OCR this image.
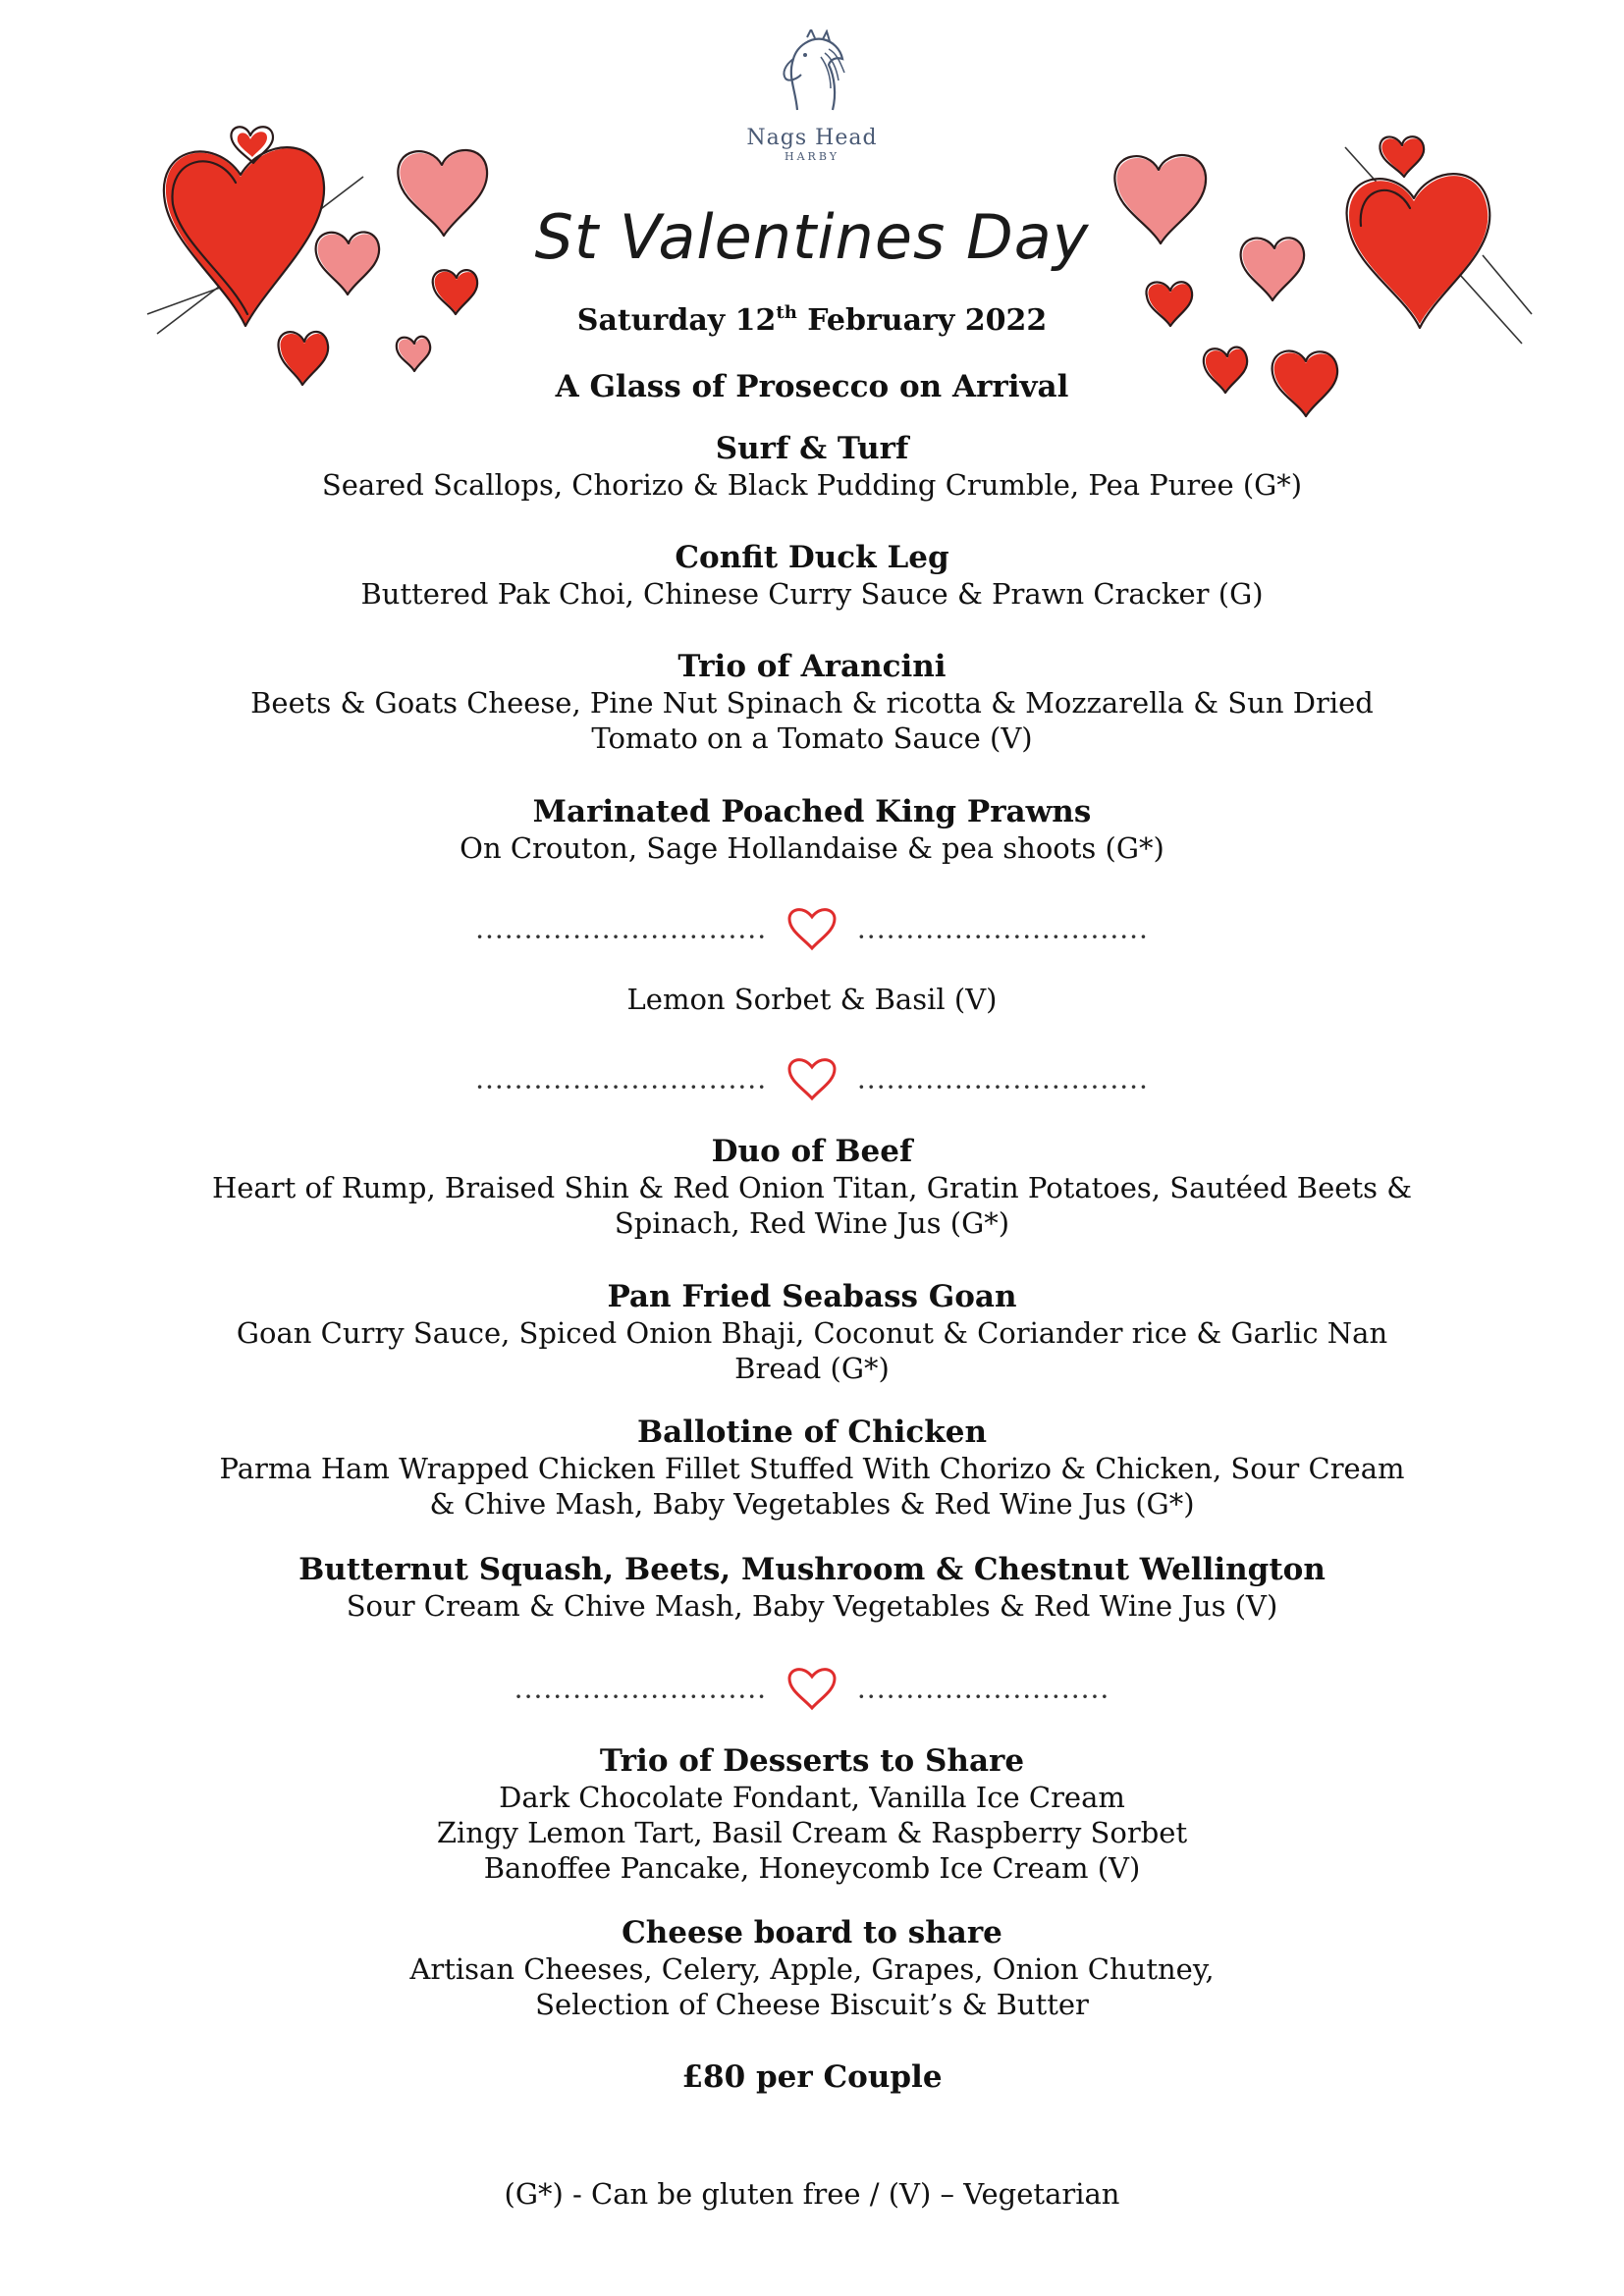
Nags Head
HARBY
St Valentines Day
Saturday 12th February 2022
A Glass of Prosecco on Arrival
Surf & Turf
Seared Scallops, Chorizo & Black Pudding Crumble, Pea Puree (G*)
Confit Duck Leg
Buttered Pak Choi, Chinese Curry Sauce & Prawn Cracker (G)
Trio of Arancini
Beets & Goats Cheese, Pine Nut Spinach & ricotta & Mozzarella & Sun Dried
Tomato on a Tomato Sauce (V)
Marinated Poached King Prawns
On Crouton, Sage Hollandaise & pea shoots (G*)
..............................	..............................
Lemon Sorbet & Basil (V)
..............................	..............................
Duo of Beef
Heart of Rump, Braised Shin & Red Onion Titan, Gratin Potatoes, Sautéed Beets &
Spinach, Red Wine Jus (G*)
Pan Fried Seabass Goan
Goan Curry Sauce, Spiced Onion Bhaji, Coconut & Coriander rice & Garlic Nan
Bread (G*)
Ballotine of Chicken
Parma Ham Wrapped Chicken Fillet Stuffed With Chorizo & Chicken, Sour Cream
& Chive Mash, Baby Vegetables & Red Wine Jus (G*)
Butternut Squash, Beets, Mushroom & Chestnut Wellington
Sour Cream & Chive Mash, Baby Vegetables & Red Wine Jus (V)
..........................	..........................
Trio of Desserts to Share
Dark Chocolate Fondant, Vanilla Ice Cream
Zingy Lemon Tart, Basil Cream & Raspberry Sorbet
Banoffee Pancake, Honeycomb Ice Cream (V)
Cheese board to share
Artisan Cheeses, Celery, Apple, Grapes, Onion Chutney,
Selection of Cheese Biscuit’s & Butter
£80 per Couple
(G*) - Can be gluten free / (V) – Vegetarian
